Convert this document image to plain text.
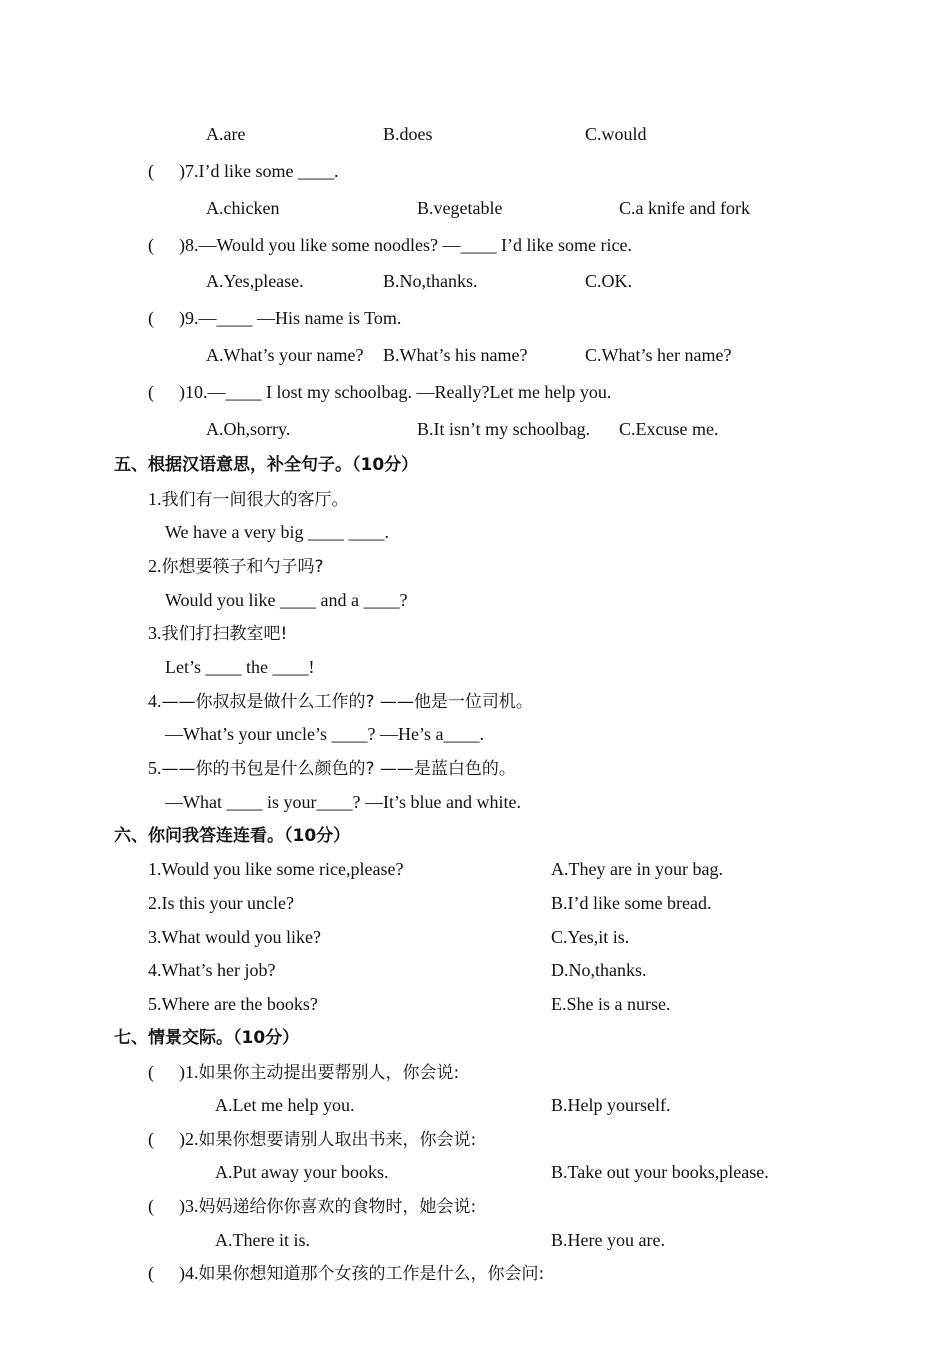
A.are	B.does	C.would
( )7.I’d like some ____.
A.chicken	B.vegetable	C.a knife and fork
( )8.—Would you like some noodles? —____ I’d like some rice.
A.Yes,please.	B.No,thanks.	C.OK.
( )9.—____ —His name is Tom.
A.What’s your name? B.What’s his name?	C.What’s her name?
( )10.—____ I lost my schoolbag. —Really?Let me help you.
A.Oh,sorry.	B.It isn’t my schoolbag. C.Excuse me.
五、根据汉语意思，补全句子。（10分）
1.我们有一间很大的客厅。
We have a very big ____ ____.
2.你想要筷子和勺子吗?
Would you like ____ and a ____?
3.我们打扫教室吧!
Let’s ____ the ____!
4.——你叔叔是做什么工作的? ——他是一位司机。
—What’s your uncle’s ____? —He’s a____.
5.——你的书包是什么颜色的? ——是蓝白色的。
—What ____ is your____? —It’s blue and white.
六、你问我答连连看。（10分）
1.Would you like some rice,please?	A.They are in your bag.
2.Is this your uncle?	B.I’d like some bread.
3.What would you like?	C.Yes,it is.
4.What’s her job?	D.No,thanks.
5.Where are the books?	E.She is a nurse.
七、情景交际。（10分）
( )1.如果你主动提出要帮别人，你会说:
A.Let me help you.	B.Help yourself.
( )2.如果你想要请别人取出书来，你会说:
A.Put away your books.	B.Take out your books,please.
( )3.妈妈递给你你喜欢的食物时，她会说:
A.There it is.	B.Here you are.
( )4.如果你想知道那个女孩的工作是什么，你会问:
